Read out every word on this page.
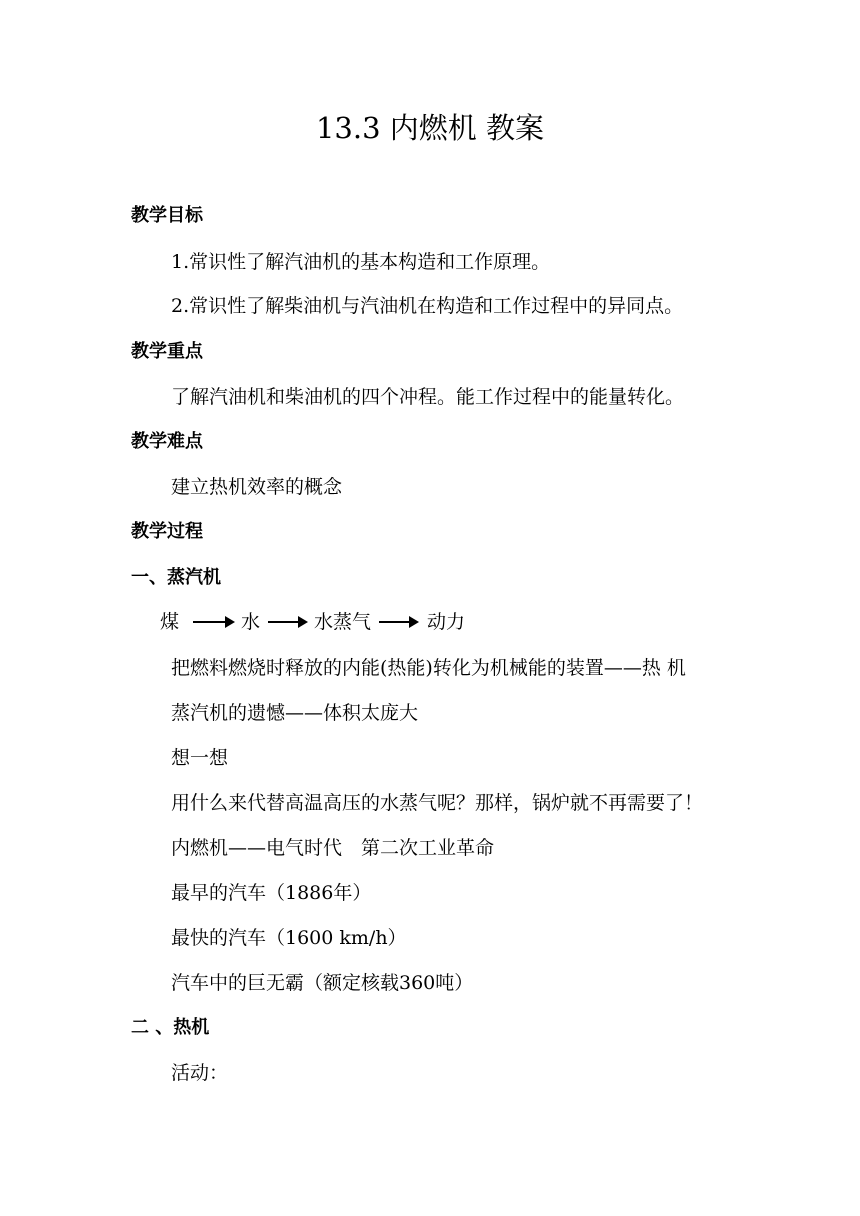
13.3 内燃机 教案
教学目标
1.常识性了解汽油机的基本构造和工作原理。
2.常识性了解柴油机与汽油机在构造和工作过程中的异同点。
教学重点
了解汽油机和柴油机的四个冲程。能工作过程中的能量转化。
教学难点
建立热机效率的概念
教学过程
一、蒸汽机
煤	水	水蒸气	动力
把燃料燃烧时释放的内能(热能)转化为机械能的装置——热 机
蒸汽机的遗憾——体积太庞大
想一想
用什么来代替高温高压的水蒸气呢？那样，锅炉就不再需要了！
内燃机——电气时代　第二次工业革命
最早的汽车（1886年）
最快的汽车（1600 km/h）
汽车中的巨无霸（额定核载360吨）
二 、热机
活动：
